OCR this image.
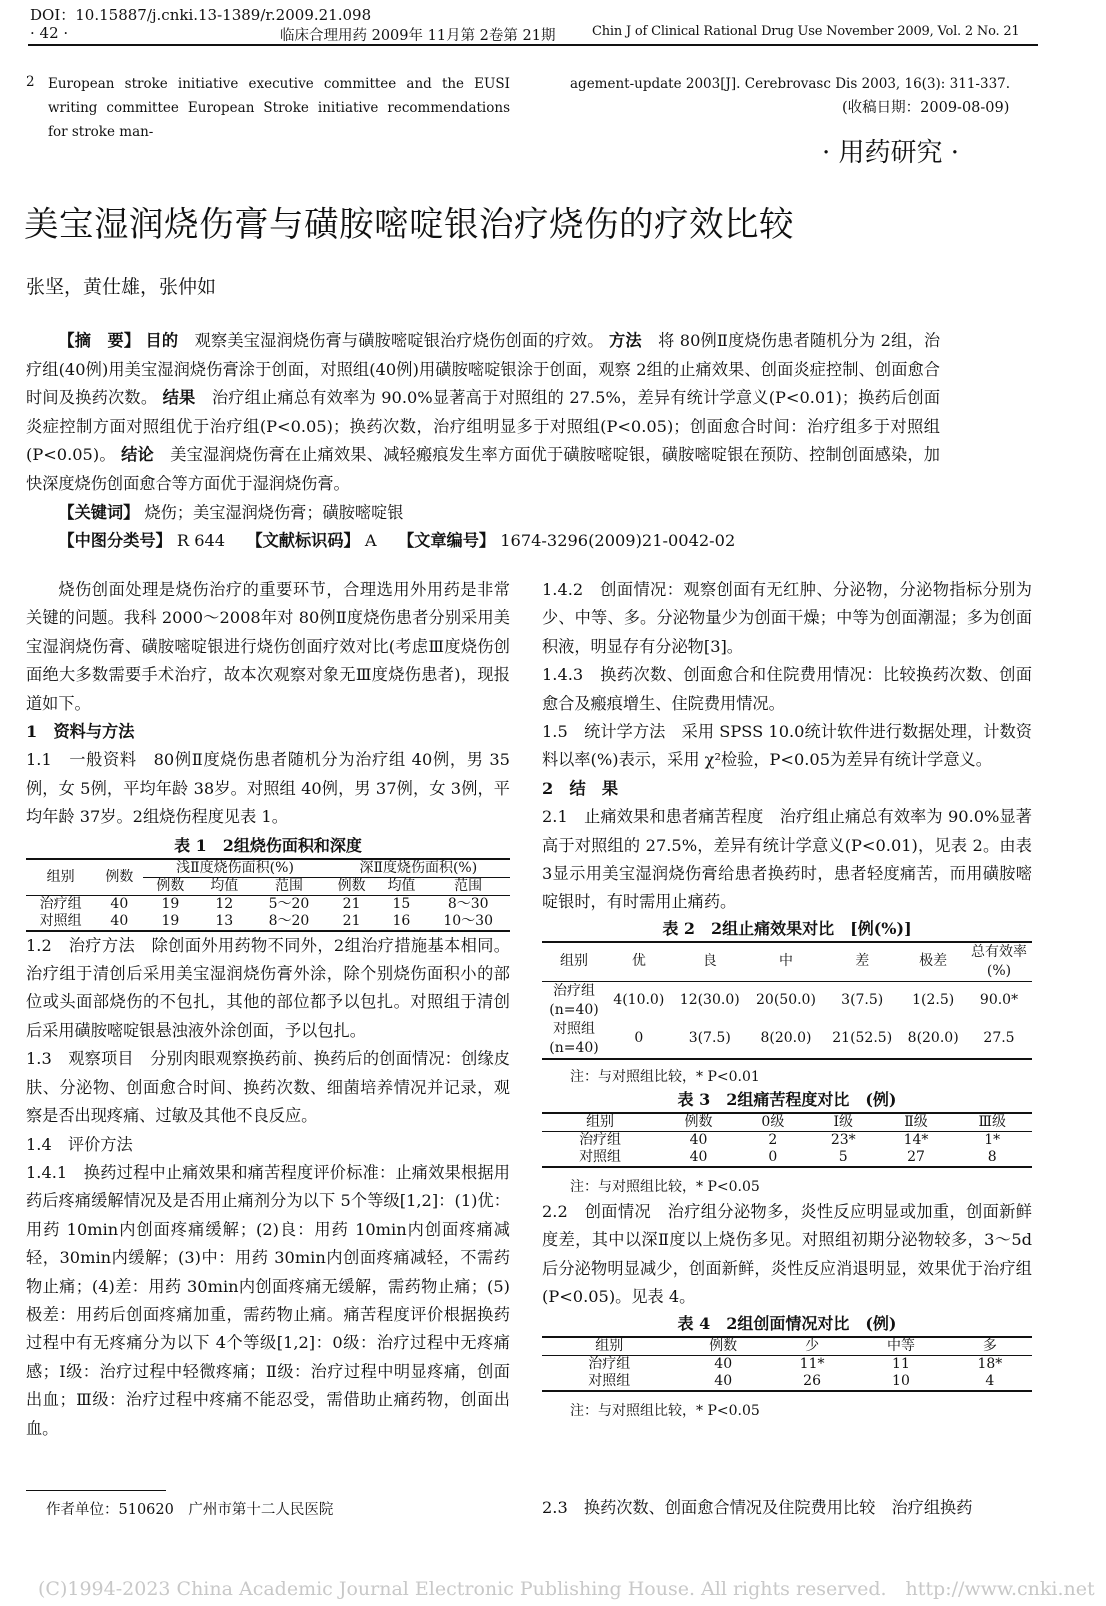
DOI：10.15887/j.cnki.13-1389/r.2009.21.098
· 42 ·	临床合理用药 2009年 11月第 2卷第 21期	Chin J of Clinical Rational Drug Use November 2009, Vol. 2 No. 21
2 European stroke initiative executive committee and the EUSI writing committee European Stroke initiative recommendations for stroke man-
agement-update 2003[J]. Cerebrovasc Dis 2003, 16(3): 311-337.
(收稿日期：2009-08-09)
· 用药研究 ·
美宝湿润烧伤膏与磺胺嘧啶银治疗烧伤的疗效比较
张坚，黄仕雄，张仲如

【摘　要】 目的　 观察美宝湿润烧伤膏与磺胺嘧啶银治疗烧伤创面的疗效。 方法　 将 80例Ⅱ度烧伤患者随机分为 2组，治疗组(40例)用美宝湿润烧伤膏涂于创面，对照组(40例)用磺胺嘧啶银涂于创面，观察 2组的止痛效果、创面炎症控制、创面愈合时间及换药次数。 结果　 治疗组止痛总有效率为 90.0%显著高于对照组的 27.5%，差异有统计学意义(P<0.01)；换药后创面炎症控制方面对照组优于治疗组(P<0.05)；换药次数，治疗组明显多于对照组(P<0.05)；创面愈合时间：治疗组多于对照组(P<0.05)。 结论　 美宝湿润烧伤膏在止痛效果、减轻瘢痕发生率方面优于磺胺嘧啶银，磺胺嘧啶银在预防、控制创面感染，加快深度烧伤创面愈合等方面优于湿润烧伤膏。

【关键词】 烧伤；美宝湿润烧伤膏；磺胺嘧啶银

【中图分类号】 R 644　 【文献标识码】 A　 【文章编号】 1674-3296(2009)21-0042-02

烧伤创面处理是烧伤治疗的重要环节，合理选用外用药是非常关键的问题。我科 2000～2008年对 80例Ⅱ度烧伤患者分别采用美宝湿润烧伤膏、磺胺嘧啶银进行烧伤创面疗效对比(考虑Ⅲ度烧伤创面绝大多数需要手术治疗，故本次观察对象无Ⅲ度烧伤患者)，现报道如下。

1　资料与方法

1.1　一般资料　80例Ⅱ度烧伤患者随机分为治疗组 40例，男 35例，女 5例，平均年龄 38岁。对照组 40例，男 37例，女 3例，平均年龄 37岁。2组烧伤程度见表 1。

表 1　2组烧伤面积和深度

组别	例数	浅Ⅱ度烧伤面积(%)			深Ⅱ度烧伤面积(%)		
		例数	均值	范围	例数	均值	范围
治疗组	40	19	12	5～20	21	15	8～30
对照组	40	19	13	8～20	21	16	10～30

1.2　治疗方法　除创面外用药物不同外，2组治疗措施基本相同。治疗组于清创后采用美宝湿润烧伤膏外涂，除个别烧伤面积小的部位或头面部烧伤的不包扎，其他的部位都予以包扎。对照组于清创后采用磺胺嘧啶银悬浊液外涂创面，予以包扎。

1.3　观察项目　分别肉眼观察换药前、换药后的创面情况：创缘皮肤、分泌物、创面愈合时间、换药次数、细菌培养情况并记录，观察是否出现疼痛、过敏及其他不良反应。

1.4　评价方法

1.4.1　换药过程中止痛效果和痛苦程度评价标准：止痛效果根据用药后疼痛缓解情况及是否用止痛剂分为以下 5个等级[1,2]：(1)优：用药 10min内创面疼痛缓解；(2)良：用药 10min内创面疼痛减轻，30min内缓解；(3)中：用药 30min内创面疼痛减轻，不需药物止痛；(4)差：用药 30min内创面疼痛无缓解，需药物止痛；(5)极差：用药后创面疼痛加重，需药物止痛。痛苦程度评价根据换药过程中有无疼痛分为以下 4个等级[1,2]：0级：治疗过程中无疼痛感；Ⅰ级：治疗过程中轻微疼痛；Ⅱ级：治疗过程中明显疼痛，创面出血；Ⅲ级：治疗过程中疼痛不能忍受，需借助止痛药物，创面出血。

作者单位：510620　广州市第十二人民医院

1.4.2　创面情况：观察创面有无红肿、分泌物，分泌物指标分别为少、中等、多。分泌物量少为创面干燥；中等为创面潮湿；多为创面积液，明显存有分泌物[3]。

1.4.3　换药次数、创面愈合和住院费用情况：比较换药次数、创面愈合及瘢痕增生、住院费用情况。

1.5　统计学方法　采用 SPSS 10.0统计软件进行数据处理，计数资料以率(%)表示，采用 χ²检验，P<0.05为差异有统计学意义。

2　结　果

2.1　止痛效果和患者痛苦程度　治疗组止痛总有效率为 90.0%显著高于对照组的 27.5%，差异有统计学意义(P<0.01)，见表 2。由表 3显示用美宝湿润烧伤膏给患者换药时，患者轻度痛苦，而用磺胺嘧啶银时，有时需用止痛药。

表 2　2组止痛效果对比　[例(%)]

组别	优	良	中	差	极差	总有效率(%)
治疗组(n=40)	4(10.0)	12(30.0)	20(50.0)	3(7.5)	1(2.5)	90.0*
对照组(n=40)	0	3(7.5)	8(20.0)	21(52.5)	8(20.0)	27.5

注：与对照组比较，* P<0.01

表 3　2组痛苦程度对比　(例)

组别	例数	0级	Ⅰ级	Ⅱ级	Ⅲ级
治疗组	40	2	23*	14*	1*
对照组	40	0	5	27	8

注：与对照组比较，* P<0.05

2.2　创面情况　治疗组分泌物多，炎性反应明显或加重，创面新鲜度差，其中以深Ⅱ度以上烧伤多见。对照组初期分泌物较多，3～5d后分泌物明显减少，创面新鲜，炎性反应消退明显，效果优于治疗组(P<0.05)。见表 4。

表 4　2组创面情况对比　(例)

组别	例数	少	中等	多
治疗组	40	11*	11	18*
对照组	40	26	10	4

注：与对照组比较，* P<0.05

2.3　换药次数、创面愈合情况及住院费用比较　治疗组换药
(C)1994-2023 China Academic Journal Electronic Publishing House. All rights reserved.　http://www.cnki.net
